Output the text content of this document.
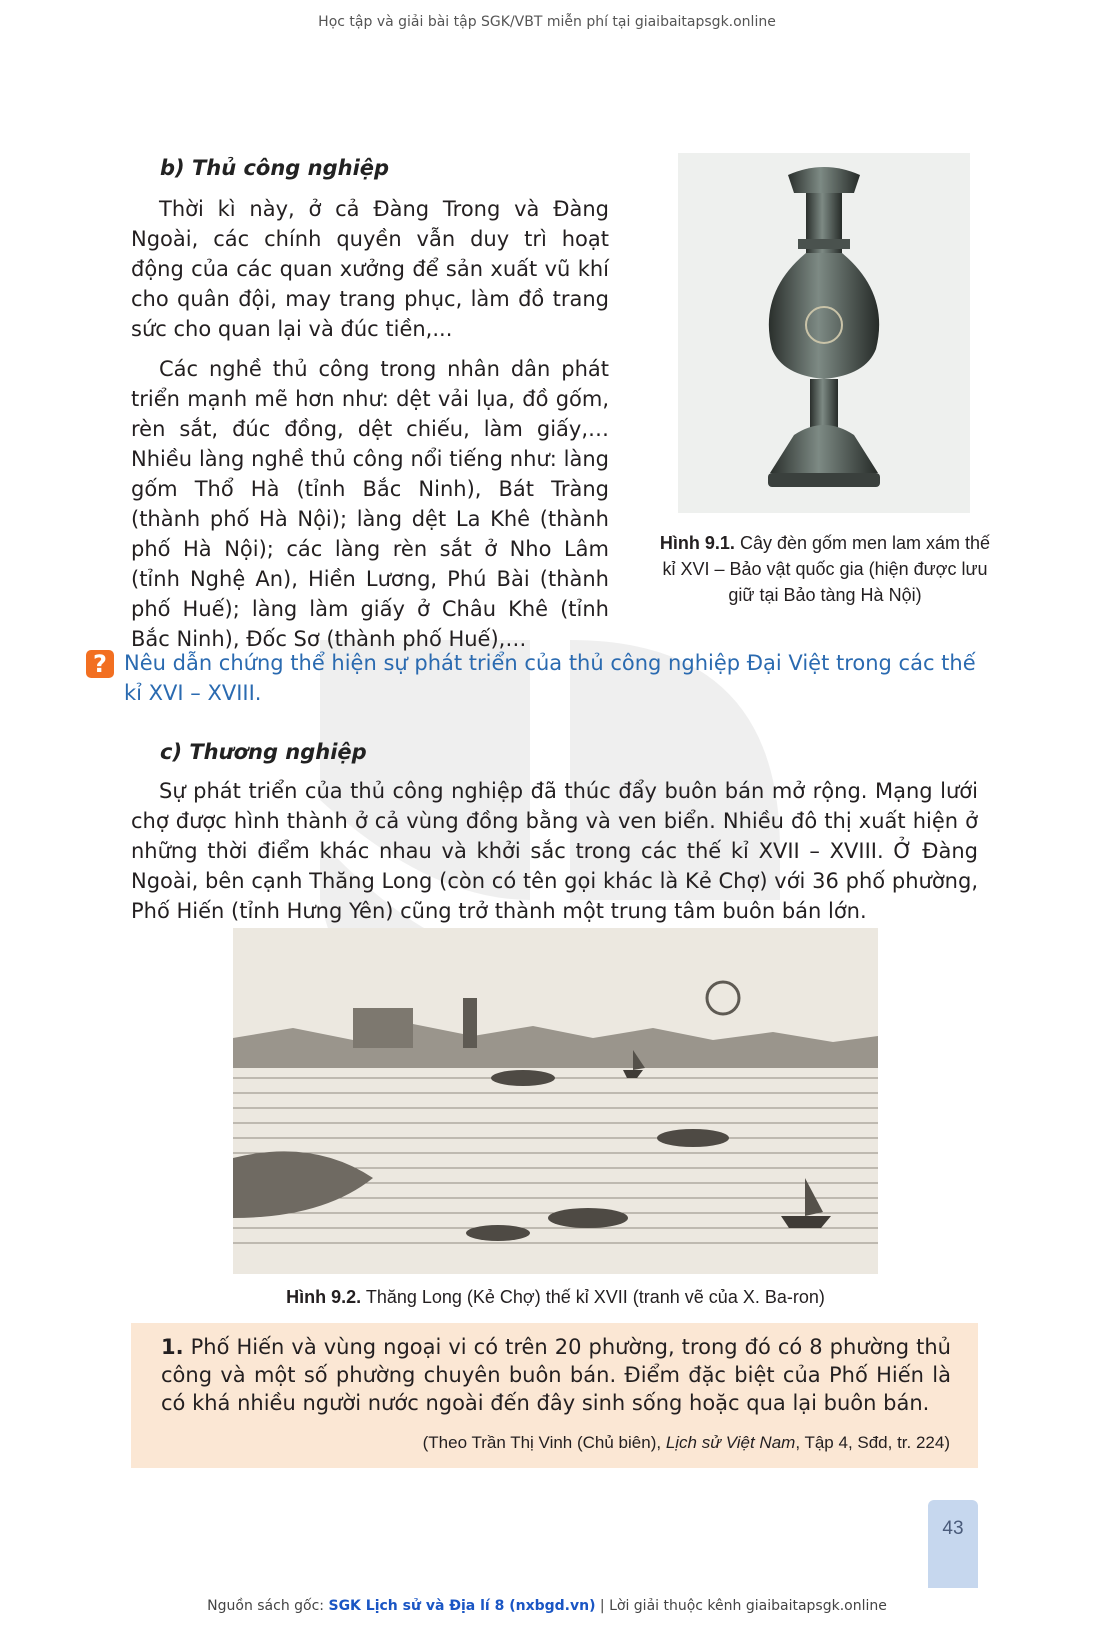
Học tập và giải bài tập SGK/VBT miễn phí tại giaibaitapsgk.online
b) Thủ công nghiệp

Thời kì này, ở cả Đàng Trong và Đàng Ngoài, các chính quyền vẫn duy trì hoạt động của các quan xưởng để sản xuất vũ khí cho quân đội, may trang phục, làm đồ trang sức cho quan lại và đúc tiền,...

Các nghề thủ công trong nhân dân phát triển mạnh mẽ hơn như: dệt vải lụa, đồ gốm, rèn sắt, đúc đồng, dệt chiếu, làm giấy,… Nhiều làng nghề thủ công nổi tiếng như: làng gốm Thổ Hà (tỉnh Bắc Ninh), Bát Tràng (thành phố Hà Nội); làng dệt La Khê (thành phố Hà Nội); các làng rèn sắt ở Nho Lâm (tỉnh Nghệ An), Hiền Lương, Phú Bài (thành phố Huế); làng làm giấy ở Châu Khê (tỉnh Bắc Ninh), Đốc Sơ (thành phố Huế),…

Hình 9.1. Cây đèn gốm men lam xám thế kỉ XVI – Bảo vật quốc gia (hiện được lưu giữ tại Bảo tàng Hà Nội)
? Nêu dẫn chứng thể hiện sự phát triển của thủ công nghiệp Đại Việt trong các thế kỉ XVI – XVIII.
c) Thương nghiệp
Sự phát triển của thủ công nghiệp đã thúc đẩy buôn bán mở rộng. Mạng lưới chợ được hình thành ở cả vùng đồng bằng và ven biển. Nhiều đô thị xuất hiện ở những thời điểm khác nhau và khởi sắc trong các thế kỉ XVII – XVIII. Ở Đàng Ngoài, bên cạnh Thăng Long (còn có tên gọi khác là Kẻ Chợ) với 36 phố phường, Phố Hiến (tỉnh Hưng Yên) cũng trở thành một trung tâm buôn bán lớn.
Hình 9.2. Thăng Long (Kẻ Chợ) thế kỉ XVII (tranh vẽ của X. Ba-ron)
1. Phố Hiến và vùng ngoại vi có trên 20 phường, trong đó có 8 phường thủ công và một số phường chuyên buôn bán. Điểm đặc biệt của Phố Hiến là có khá nhiều người nước ngoài đến đây sinh sống hoặc qua lại buôn bán.
(Theo Trần Thị Vinh (Chủ biên), Lịch sử Việt Nam, Tập 4, Sđd, tr. 224)
43
Nguồn sách gốc: SGK Lịch sử và Địa lí 8 (nxbgd.vn) | Lời giải thuộc kênh giaibaitapsgk.online
